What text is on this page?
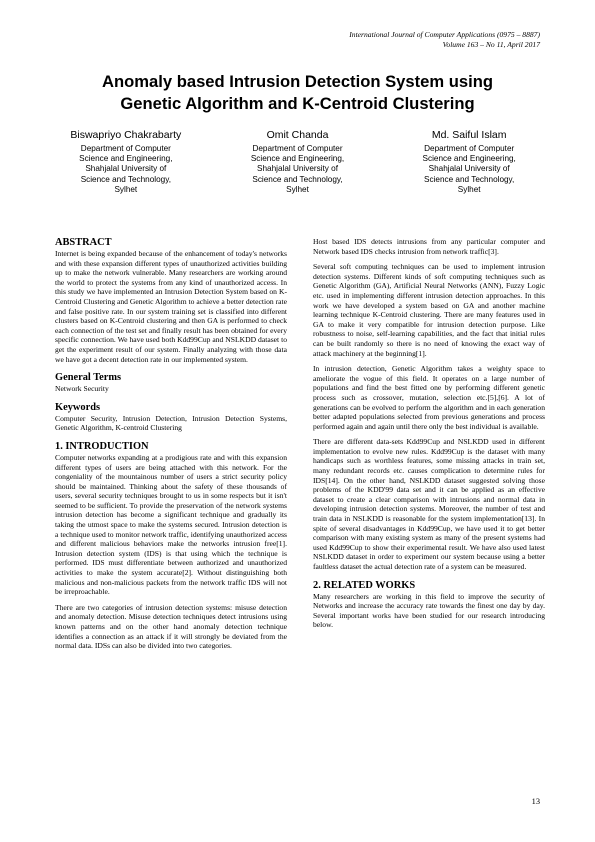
International Journal of Computer Applications (0975 – 8887)
Volume 163 – No 11, April 2017
Anomaly based Intrusion Detection System using
Genetic Algorithm and K-Centroid Clustering
Biswapriyo Chakrabarty
Department of Computer
Science and Engineering,
Shahjalal University of
Science and Technology,
Sylhet
Omit Chanda
Department of Computer
Science and Engineering,
Shahjalal University of
Science and Technology,
Sylhet
Md. Saiful Islam
Department of Computer
Science and Engineering,
Shahjalal University of
Science and Technology,
Sylhet
ABSTRACT

Internet is being expanded because of the enhancement of today's networks and with these expansion different types of unauthorized activities building up to make the network vulnerable. Many researchers are working around the world to protect the systems from any kind of unauthorized access. In this study we have implemented an Intrusion Detection System based on K-Centroid Clustering and Genetic Algorithm to achieve a better detection rate and false positive rate. In our system training set is classified into different clusters based on K-Centroid clustering and then GA is performed to check each connection of the test set and finally result has been obtained for every specific connection. We have used both Kdd99Cup and NSLKDD dataset to get the experiment result of our system. Finally analyzing with those data we have got a decent detection rate in our implemented system.

General Terms

Network Security

Keywords

Computer Security, Intrusion Detection, Intrusion Detection Systems, Genetic Algorithm, K-centroid Clustering

1. INTRODUCTION

Computer networks expanding at a prodigious rate and with this expansion different types of users are being attached with this network. For the congeniality of the mountainous number of users a strict security policy should be maintained. Thinking about the safety of these thousands of users, several security techniques brought to us in some respects but it isn't seemed to be sufficient. To provide the preservation of the network systems intrusion detection has become a significant technique and gradually its taking the utmost space to make the systems secured. Intrusion detection is a technique used to monitor network traffic, identifying unauthorized access and different malicious behaviors make the networks intrusion free[1]. Intrusion detection system (IDS) is that using which the technique is performed. IDS must differentiate between authorized and unauthorized activities to make the system accurate[2]. Without distinguishing both malicious and non-malicious packets from the network traffic IDS will not be irreproachable.

There are two categories of intrusion detection systems: misuse detection and anomaly detection. Misuse detection techniques detect intrusions using known patterns and on the other hand anomaly detection technique identifies a connection as an attack if it will strongly be deviated from the normal data. IDSs can also be divided into two categories.

Host based IDS detects intrusions from any particular computer and Network based IDS checks intrusion from network traffic[3].

Several soft computing techniques can be used to implement intrusion detection systems. Different kinds of soft computing techniques such as Genetic Algorithm (GA), Artificial Neural Networks (ANN), Fuzzy Logic etc. used in implementing different intrusion detection approaches. In this work we have developed a system based on GA and another machine learning technique K-Centroid clustering. There are many features used in GA to make it very compatible for intrusion detection purpose. Like robustness to noise, self-learning capabilities, and the fact that initial rules can be built randomly so there is no need of knowing the exact way of attack machinery at the beginning[1].

In intrusion detection, Genetic Algorithm takes a weighty space to ameliorate the vogue of this field. It operates on a large number of populations and find the best fitted one by performing different genetic process such as crossover, mutation, selection etc.[5],[6]. A lot of generations can be evolved to perform the algorithm and in each generation better adapted populations selected from previous generations and process performed again and again until there only the best individual is available.

There are different data-sets Kdd99Cup and NSLKDD used in different implementation to evolve new rules. Kdd99Cup is the dataset with many handicaps such as worthless features, some missing attacks in train set, many redundant records etc. causes complication to determine rules for IDS[14]. On the other hand, NSLKDD dataset suggested solving those problems of the KDD'99 data set and it can be applied as an effective dataset to create a clear comparison with intrusions and normal data in developing intrusion detection systems. Moreover, the number of test and train data in NSLKDD is reasonable for the system implementation[13]. In spite of several disadvantages in Kdd99Cup, we have used it to get better comparison with many existing system as many of the present systems had used Kdd99Cup to show their experimental result. We have also used latest NSLKDD dataset in order to experiment our system because using a better faultless dataset the actual detection rate of a system can be measured.

2. RELATED WORKS

Many researchers are working in this field to improve the security of Networks and increase the accuracy rate towards the finest one day by day. Several important works have been studied for our research introducing below.

13
